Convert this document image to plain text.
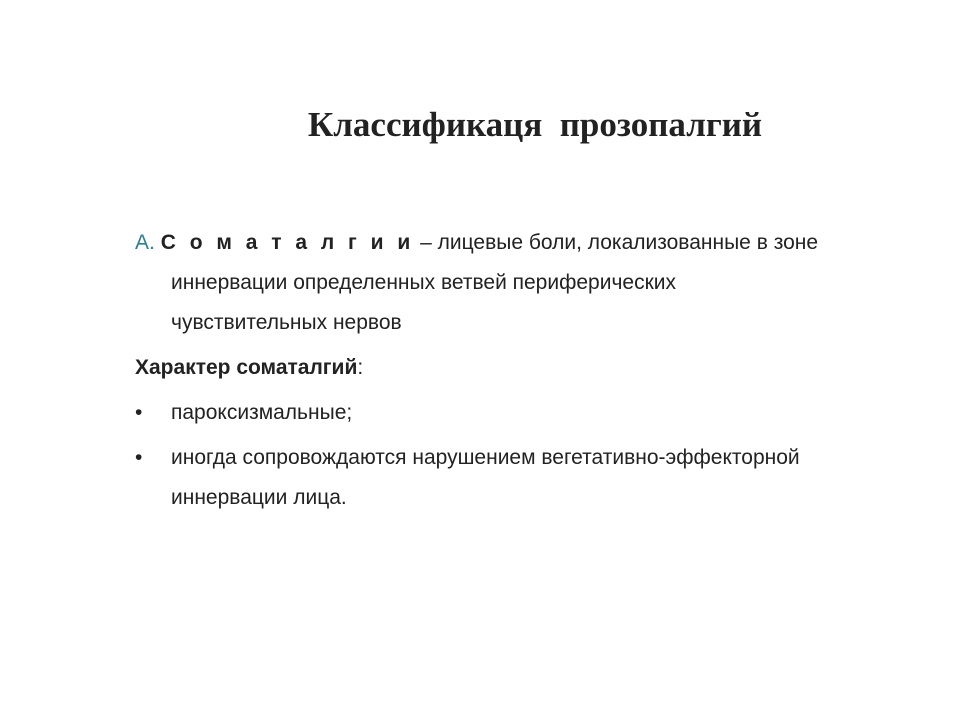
Классификаця  прозопалгий
А. С о м а т а л г и и – лицевые боли, локализованные в зоне
иннервации определенных ветвей периферических
чувствительных нервов
Характер соматалгий:
•	пароксизмальные;
•	иногда сопровождаются нарушением вегетативно-эффекторной
иннервации лица.
